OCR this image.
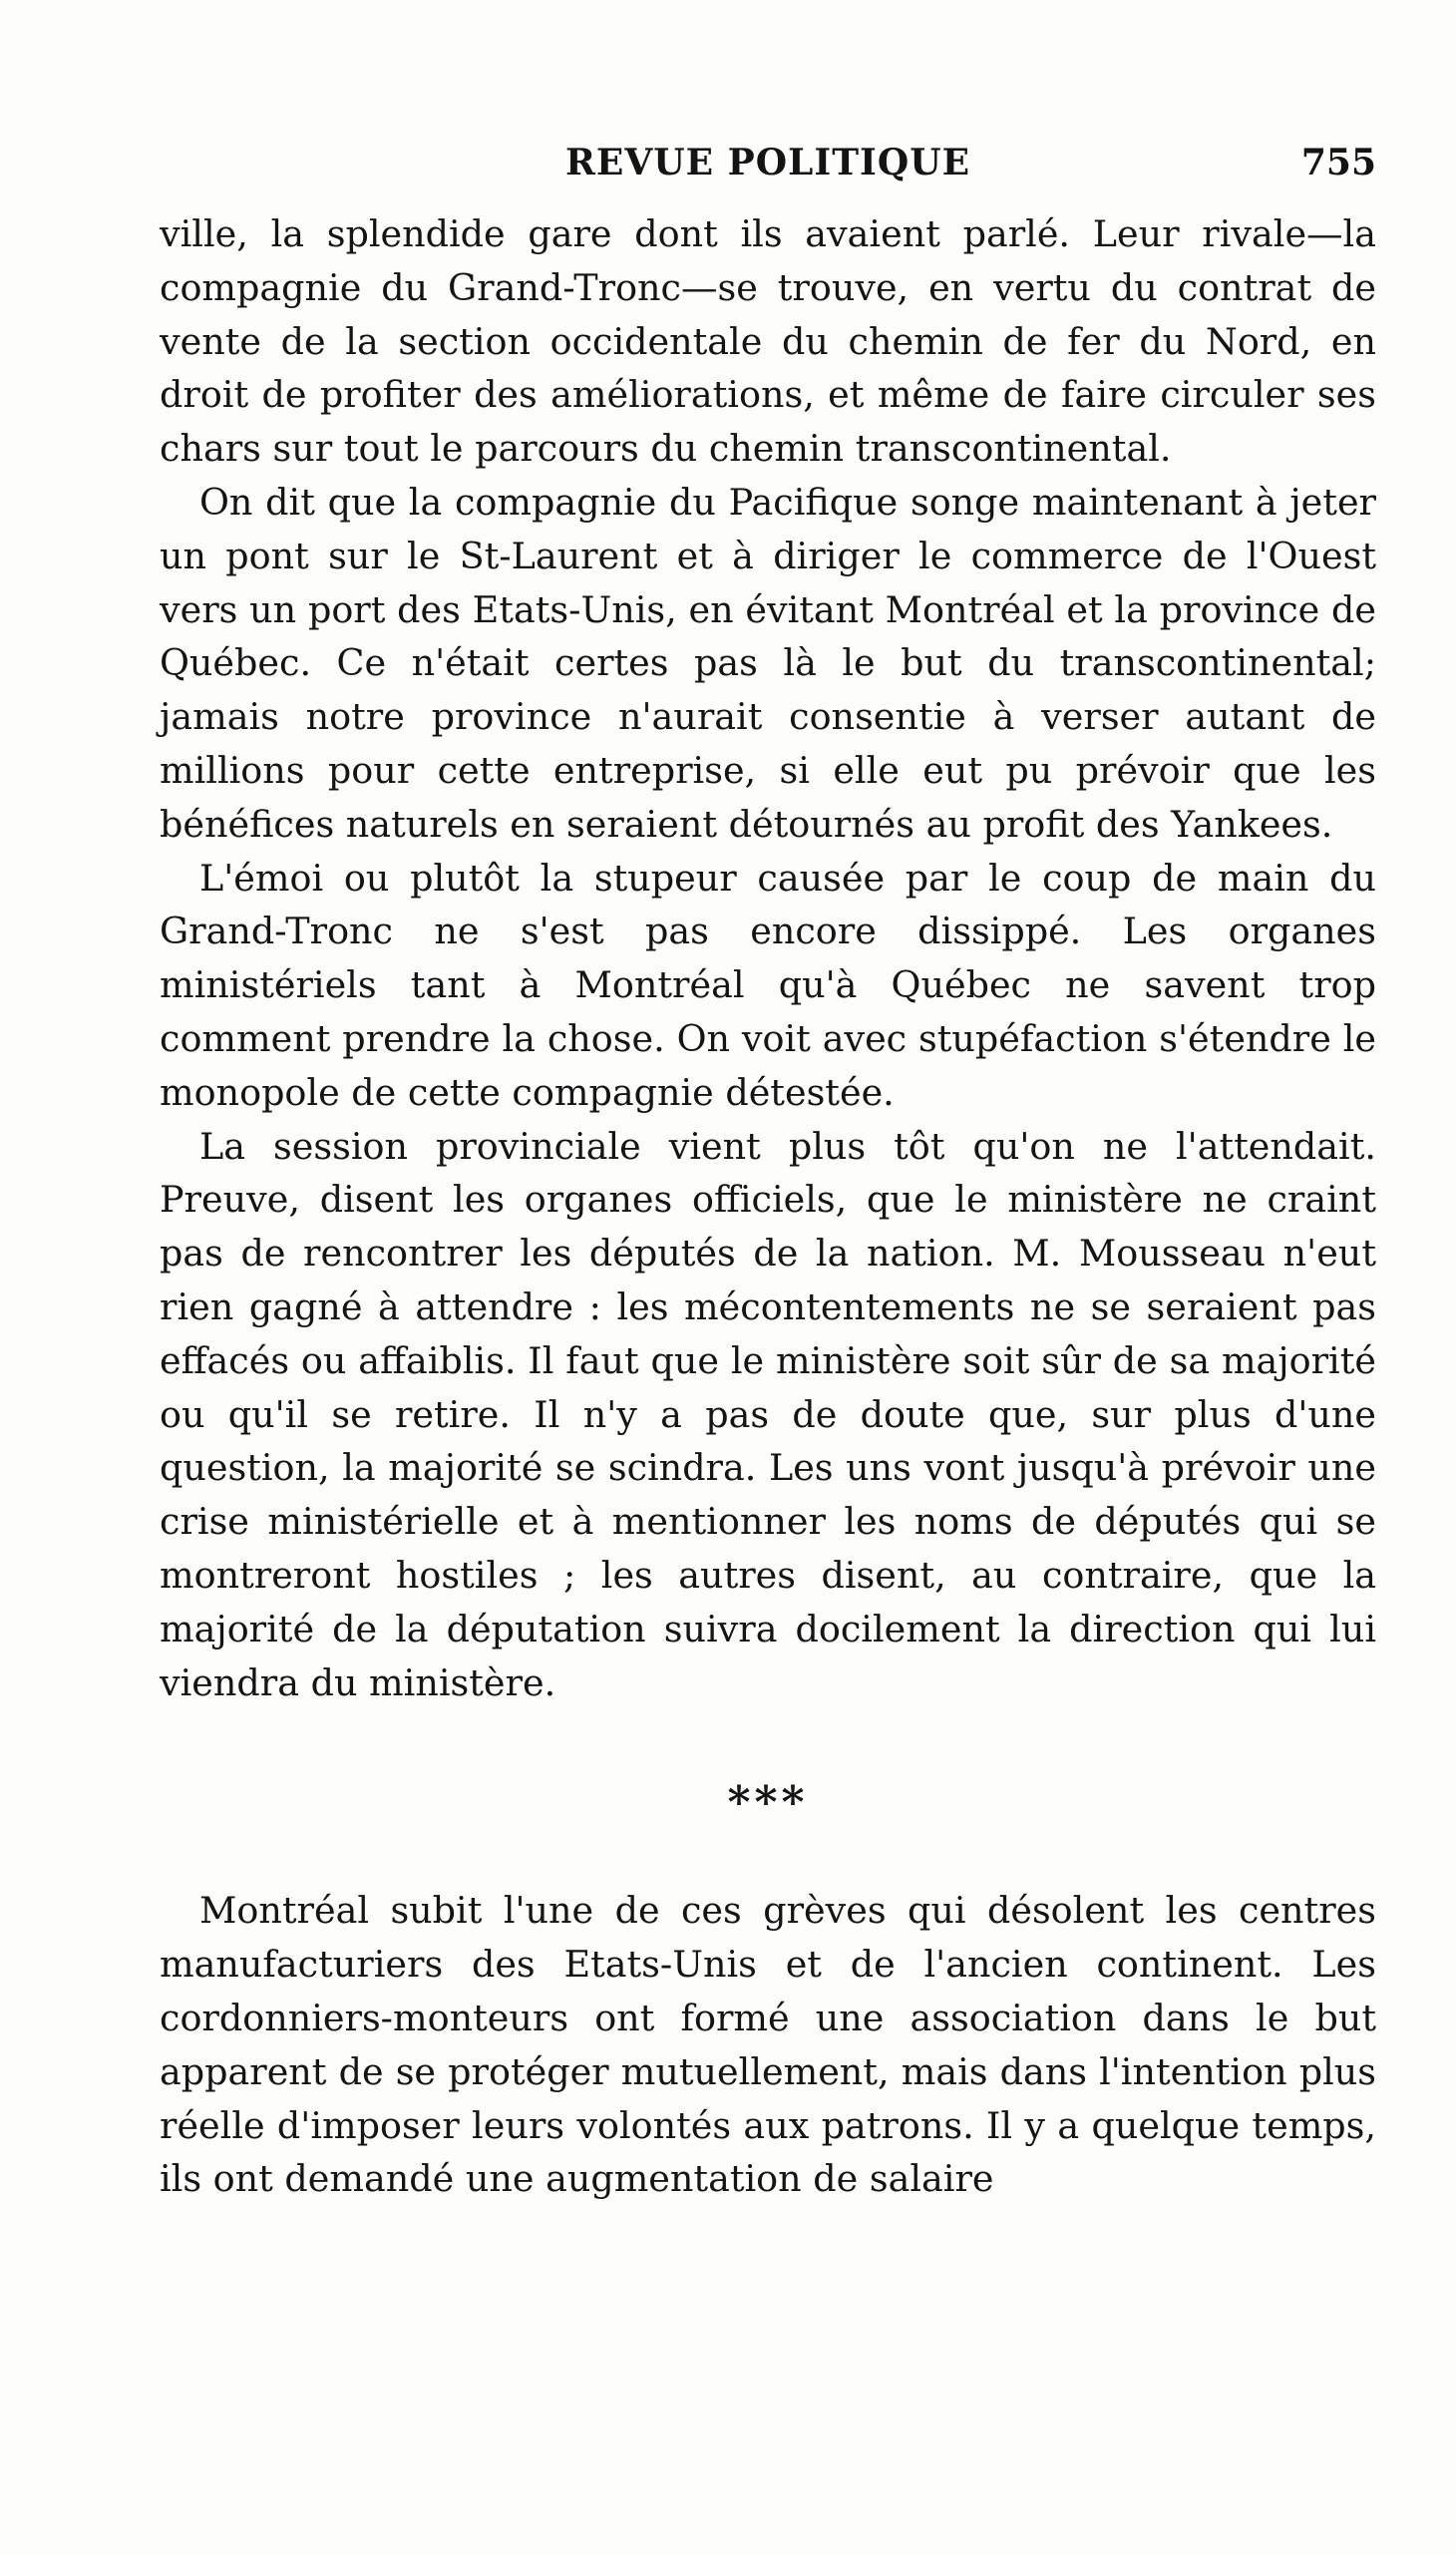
REVUE POLITIQUE	755

ville, la splendide gare dont ils avaient parlé. Leur rivale—la compagnie du Grand-Tronc—se trouve, en vertu du contrat de vente de la section occidentale du chemin de fer du Nord, en droit de profiter des améliorations, et même de faire circuler ses chars sur tout le parcours du chemin transcontinental.

On dit que la compagnie du Pacifique songe maintenant à jeter un pont sur le St-Laurent et à diriger le commerce de l'Ouest vers un port des Etats-Unis, en évitant Montréal et la province de Québec. Ce n'était certes pas là le but du transcontinental; jamais notre province n'aurait consentie à verser autant de millions pour cette entreprise, si elle eut pu prévoir que les bénéfices naturels en seraient détournés au profit des Yankees.

L'émoi ou plutôt la stupeur causée par le coup de main du Grand-Tronc ne s'est pas encore dissippé. Les organes ministériels tant à Montréal qu'à Québec ne savent trop comment prendre la chose. On voit avec stupéfaction s'étendre le monopole de cette compagnie détestée.

La session provinciale vient plus tôt qu'on ne l'attendait. Preuve, disent les organes officiels, que le ministère ne craint pas de rencontrer les députés de la nation. M. Mousseau n'eut rien gagné à attendre : les mécontentements ne se seraient pas effacés ou affaiblis. Il faut que le ministère soit sûr de sa majorité ou qu'il se retire. Il n'y a pas de doute que, sur plus d'une question, la majorité se scindra. Les uns vont jusqu'à prévoir une crise ministérielle et à mentionner les noms de députés qui se montreront hostiles ; les autres disent, au contraire, que la majorité de la députation suivra docilement la direction qui lui viendra du ministère.

***

Montréal subit l'une de ces grèves qui désolent les centres manufacturiers des Etats-Unis et de l'ancien continent. Les cordonniers-monteurs ont formé une association dans le but apparent de se protéger mutuellement, mais dans l'intention plus réelle d'imposer leurs volontés aux patrons. Il y a quelque temps, ils ont demandé une augmentation de salaire
